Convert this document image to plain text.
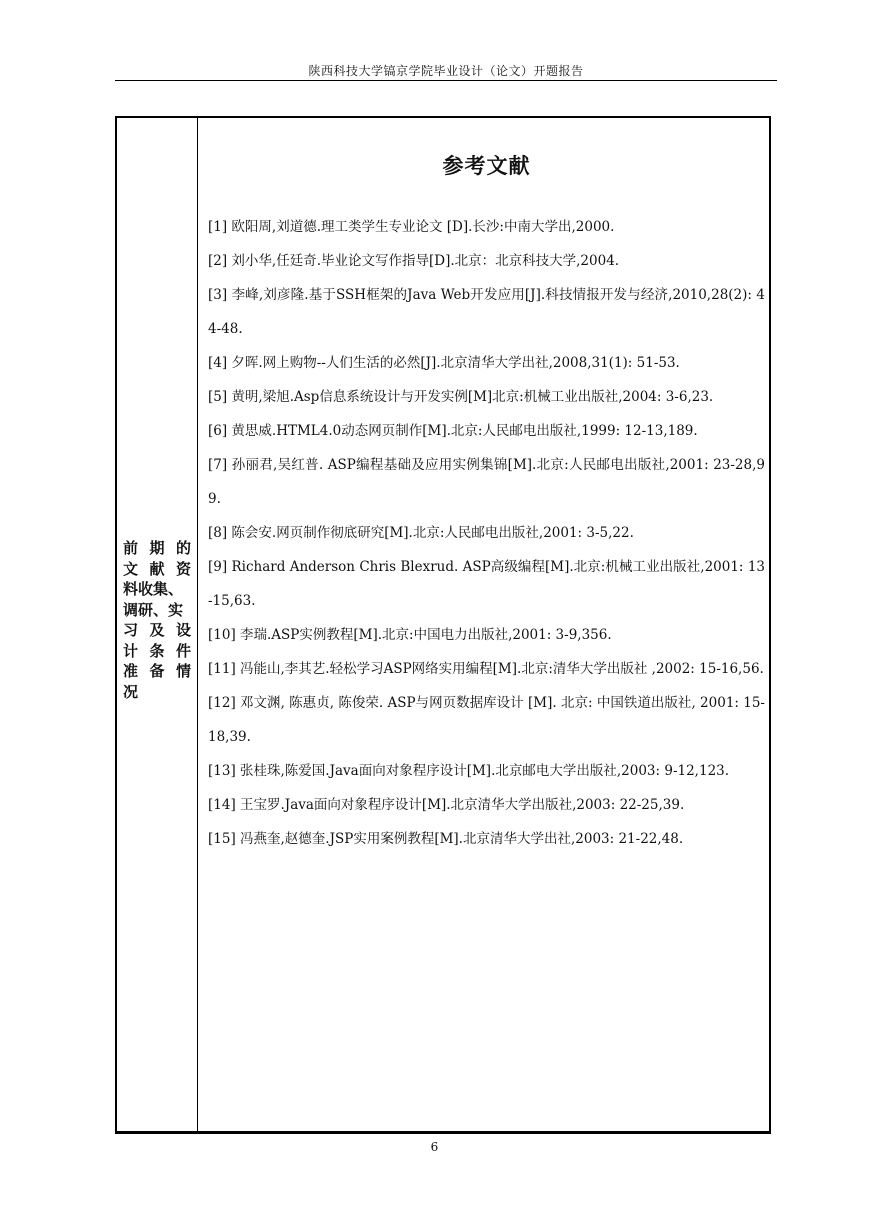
陕西科技大学镐京学院毕业设计（论文）开题报告
前 期 的
文 献 资
料收集、
调研、实
习 及 设
计 条 件
准 备 情
况
参考文献
[1] 欧阳周,刘道德.理工类学生专业论文 [D].长沙:中南大学出,2000.
[2] 刘小华,任廷奇.毕业论文写作指导[D].北京：北京科技大学,2004.
[3] 李峰,刘彦隆.基于SSH框架的Java Web开发应用[J].科技情报开发与经济,2010,28(2): 44-48.
[4] 夕晖.网上购物--人们生活的必然[J].北京清华大学出社,2008,31(1): 51-53.
[5] 黄明,梁旭.Asp信息系统设计与开发实例[M]北京:机械工业出版社,2004: 3-6,23.
[6] 黄思威.HTML4.0动态网页制作[M].北京:人民邮电出版社,1999: 12-13,189.
[7] 孙丽君,吴红普. ASP编程基础及应用实例集锦[M].北京:人民邮电出版社,2001: 23-28,99.
[8] 陈会安.网页制作彻底研究[M].北京:人民邮电出版社,2001: 3-5,22.
[9] Richard Anderson Chris Blexrud. ASP高级编程[M].北京:机械工业出版社,2001: 13-15,63.
[10] 李瑞.ASP实例教程[M].北京:中国电力出版社,2001: 3-9,356.
[11] 冯能山,李其艺.轻松学习ASP网络实用编程[M].北京:清华大学出版社 ,2002: 15-16,56.
[12] 邓文渊, 陈惠贞, 陈俊荣. ASP与网页数据库设计 [M]. 北京: 中国铁道出版社, 2001: 15-18,39.
[13] 张桂珠,陈爱国.Java面向对象程序设计[M].北京邮电大学出版社,2003: 9-12,123.
[14] 王宝罗.Java面向对象程序设计[M].北京清华大学出版社,2003: 22-25,39.
[15] 冯燕奎,赵德奎.JSP实用案例教程[M].北京清华大学出社,2003: 21-22,48.
6
